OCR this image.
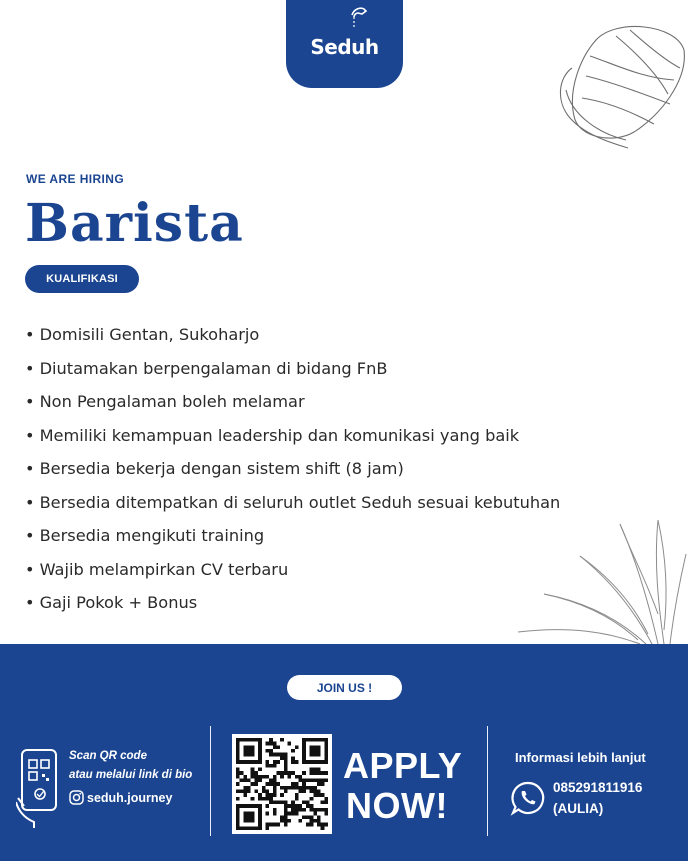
Seduh
WE ARE HIRING
Barista
KUALIFIKASI
• Domisili Gentan, Sukoharjo
• Diutamakan berpengalaman di bidang FnB
• Non Pengalaman boleh melamar
• Memiliki kemampuan leadership dan komunikasi yang baik
• Bersedia bekerja dengan sistem shift (8 jam)
• Bersedia ditempatkan di seluruh outlet Seduh sesuai kebutuhan
• Bersedia mengikuti training
• Wajib melampirkan CV terbaru
• Gaji Pokok + Bonus
JOIN US !
Scan QR code
atau melalui link di bio
seduh.journey
APPLY
NOW!
Informasi lebih lanjut
085291811916
(AULIA)
